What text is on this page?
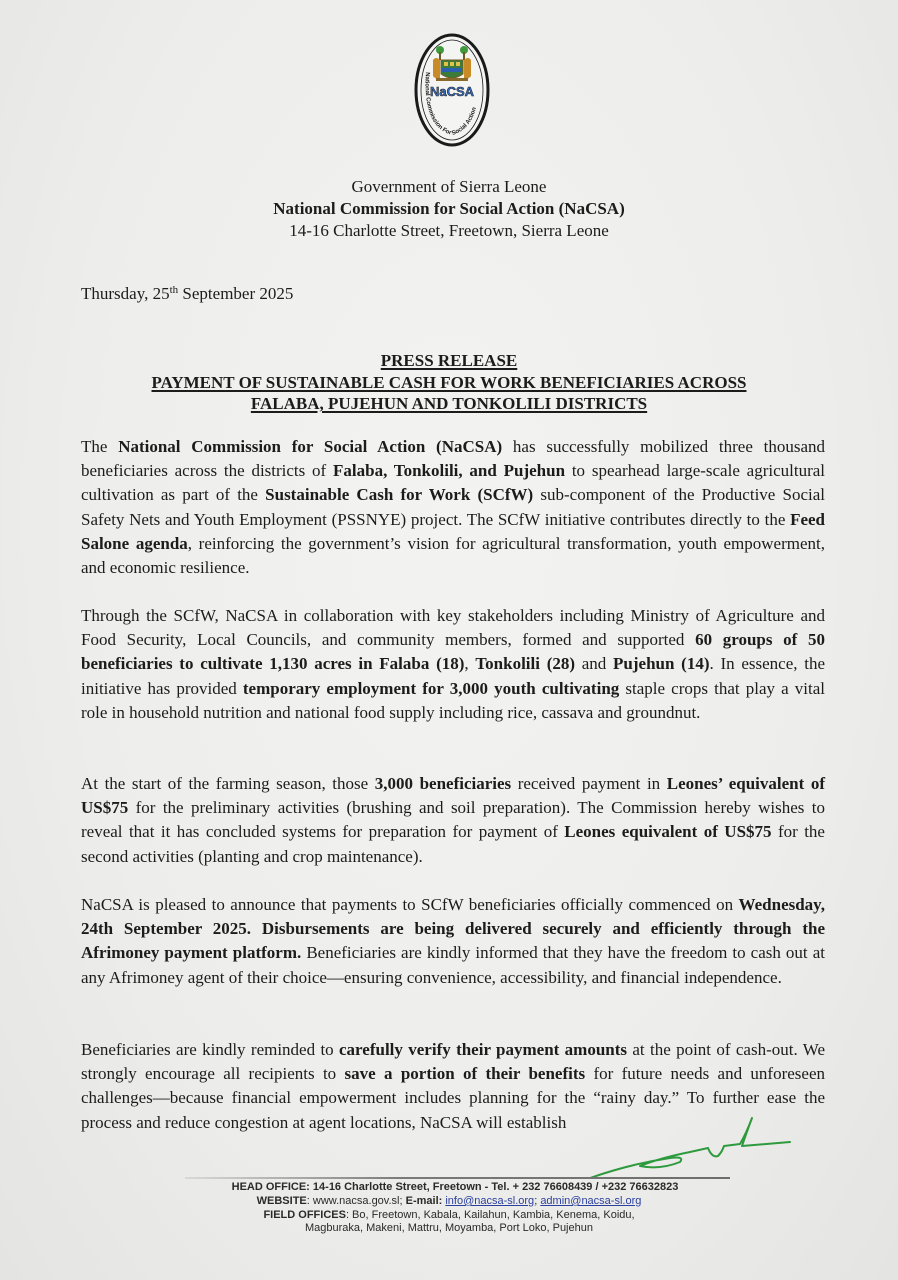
NaCSA
National Commission For Social Action
Government of Sierra Leone
National Commission for Social Action (NaCSA)
14-16 Charlotte Street, Freetown, Sierra Leone
Thursday, 25th September 2025
PRESS RELEASE
PAYMENT OF SUSTAINABLE CASH FOR WORK BENEFICIARIES ACROSS
FALABA, PUJEHUN AND TONKOLILI DISTRICTS
The National Commission for Social Action (NaCSA) has successfully mobilized three thousand beneficiaries across the districts of Falaba, Tonkolili, and Pujehun to spearhead large-scale agricultural cultivation as part of the Sustainable Cash for Work (SCfW) sub-component of the Productive Social Safety Nets and Youth Employment (PSSNYE) project. The SCfW initiative contributes directly to the Feed Salone agenda, reinforcing the government’s vision for agricultural transformation, youth empowerment, and economic resilience.
Through the SCfW, NaCSA in collaboration with key stakeholders including Ministry of Agriculture and Food Security, Local Councils, and community members, formed and supported 60 groups of 50 beneficiaries to cultivate 1,130 acres in Falaba (18), Tonkolili (28) and Pujehun (14). In essence, the initiative has provided temporary employment for 3,000 youth cultivating staple crops that play a vital role in household nutrition and national food supply including rice, cassava and groundnut.
At the start of the farming season, those 3,000 beneficiaries received payment in Leones’ equivalent of US$75 for the preliminary activities (brushing and soil preparation). The Commission hereby wishes to reveal that it has concluded systems for preparation for payment of Leones equivalent of US$75 for the second activities (planting and crop maintenance).
NaCSA is pleased to announce that payments to SCfW beneficiaries officially commenced on Wednesday, 24th September 2025. Disbursements are being delivered securely and efficiently through the Afrimoney payment platform. Beneficiaries are kindly informed that they have the freedom to cash out at any Afrimoney agent of their choice—ensuring convenience, accessibility, and financial independence.
Beneficiaries are kindly reminded to carefully verify their payment amounts at the point of cash-out. We strongly encourage all recipients to save a portion of their benefits for future needs and unforeseen challenges—because financial empowerment includes planning for the “rainy day.” To further ease the process and reduce congestion at agent locations, NaCSA will establish
HEAD OFFICE: 14-16 Charlotte Street, Freetown - Tel. + 232 76608439 / +232 76632823
WEBSITE: www.nacsa.gov.sl; E-mail: info@nacsa-sl.org; admin@nacsa-sl.org
FIELD OFFICES: Bo, Freetown, Kabala, Kailahun, Kambia, Kenema, Koidu,
Magburaka, Makeni, Mattru, Moyamba, Port Loko, Pujehun
